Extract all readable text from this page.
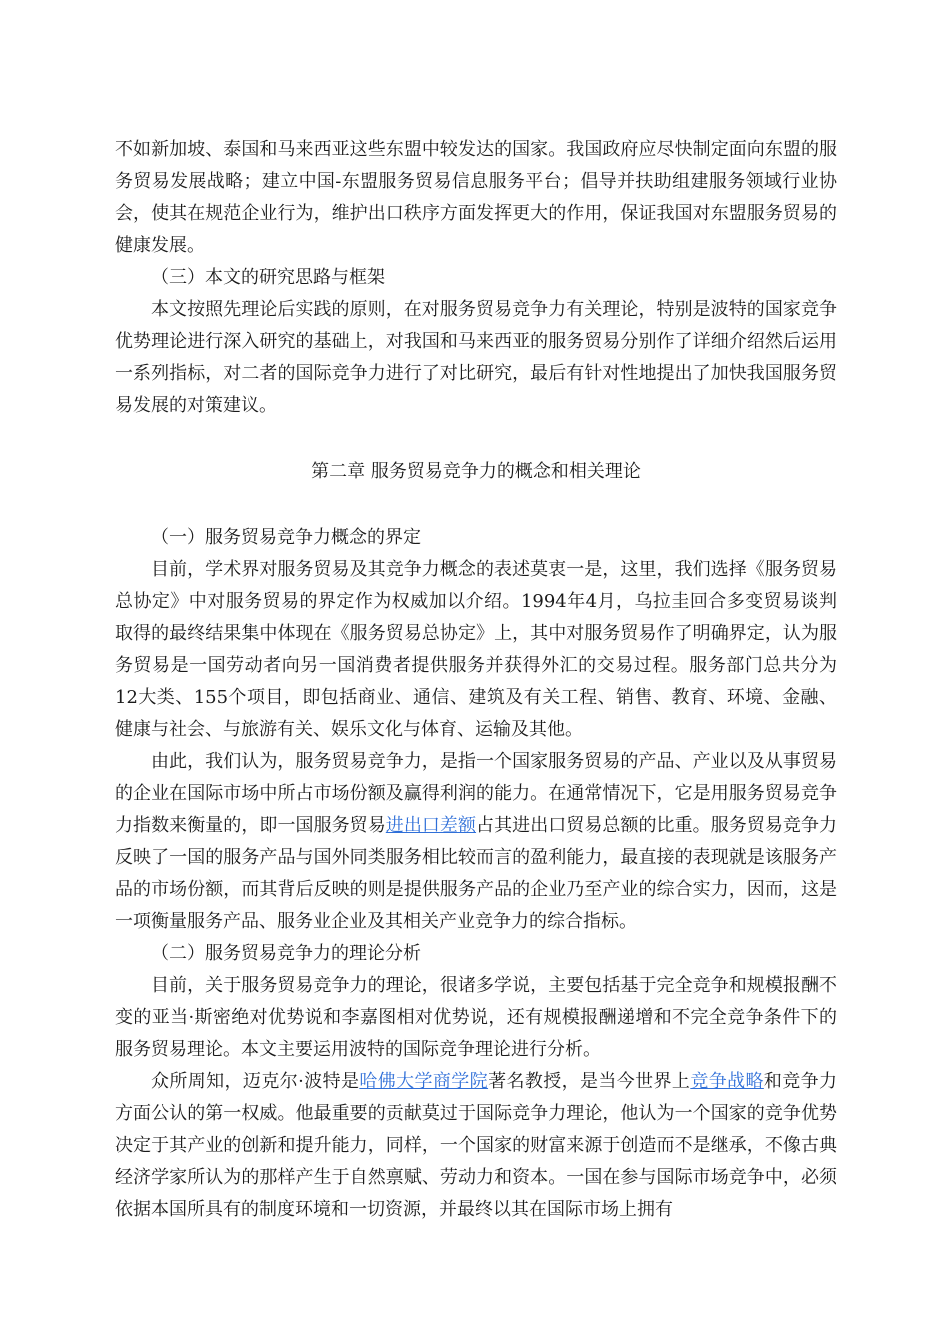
不如新加坡、泰国和马来西亚这些东盟中较发达的国家。我国政府应尽快制定面向东盟的服务贸易发展战略；建立中国-东盟服务贸易信息服务平台；倡导并扶助组建服务领域行业协会，使其在规范企业行为，维护出口秩序方面发挥更大的作用，保证我国对东盟服务贸易的健康发展。

（三）本文的研究思路与框架

本文按照先理论后实践的原则，在对服务贸易竞争力有关理论，特别是波特的国家竞争优势理论进行深入研究的基础上，对我国和马来西亚的服务贸易分别作了详细介绍然后运用一系列指标，对二者的国际竞争力进行了对比研究，最后有针对性地提出了加快我国服务贸易发展的对策建议。

第二章 服务贸易竞争力的概念和相关理论
（一）服务贸易竞争力概念的界定

目前，学术界对服务贸易及其竞争力概念的表述莫衷一是，这里，我们选择《服务贸易总协定》中对服务贸易的界定作为权威加以介绍。1994年4月，乌拉圭回合多变贸易谈判取得的最终结果集中体现在《服务贸易总协定》上，其中对服务贸易作了明确界定，认为服务贸易是一国劳动者向另一国消费者提供服务并获得外汇的交易过程。服务部门总共分为12大类、155个项目，即包括商业、通信、建筑及有关工程、销售、教育、环境、金融、健康与社会、与旅游有关、娱乐文化与体育、运输及其他。

由此，我们认为，服务贸易竞争力，是指一个国家服务贸易的产品、产业以及从事贸易的企业在国际市场中所占市场份额及赢得利润的能力。在通常情况下，它是用服务贸易竞争力指数来衡量的，即一国服务贸易进出口差额占其进出口贸易总额的比重。服务贸易竞争力反映了一国的服务产品与国外同类服务相比较而言的盈利能力，最直接的表现就是该服务产品的市场份额，而其背后反映的则是提供服务产品的企业乃至产业的综合实力，因而，这是一项衡量服务产品、服务业企业及其相关产业竞争力的综合指标。

（二）服务贸易竞争力的理论分析

目前，关于服务贸易竞争力的理论，很诸多学说，主要包括基于完全竞争和规模报酬不变的亚当·斯密绝对优势说和李嘉图相对优势说，还有规模报酬递增和不完全竞争条件下的服务贸易理论。本文主要运用波特的国际竞争理论进行分析。

众所周知，迈克尔·波特是哈佛大学商学院著名教授，是当今世界上竞争战略和竞争力方面公认的第一权威。他最重要的贡献莫过于国际竞争力理论，他认为一个国家的竞争优势决定于其产业的创新和提升能力，同样，一个国家的财富来源于创造而不是继承，不像古典经济学家所认为的那样产生于自然禀赋、劳动力和资本。一国在参与国际市场竞争中，必须依据本国所具有的制度环境和一切资源，并最终以其在国际市场上拥有
